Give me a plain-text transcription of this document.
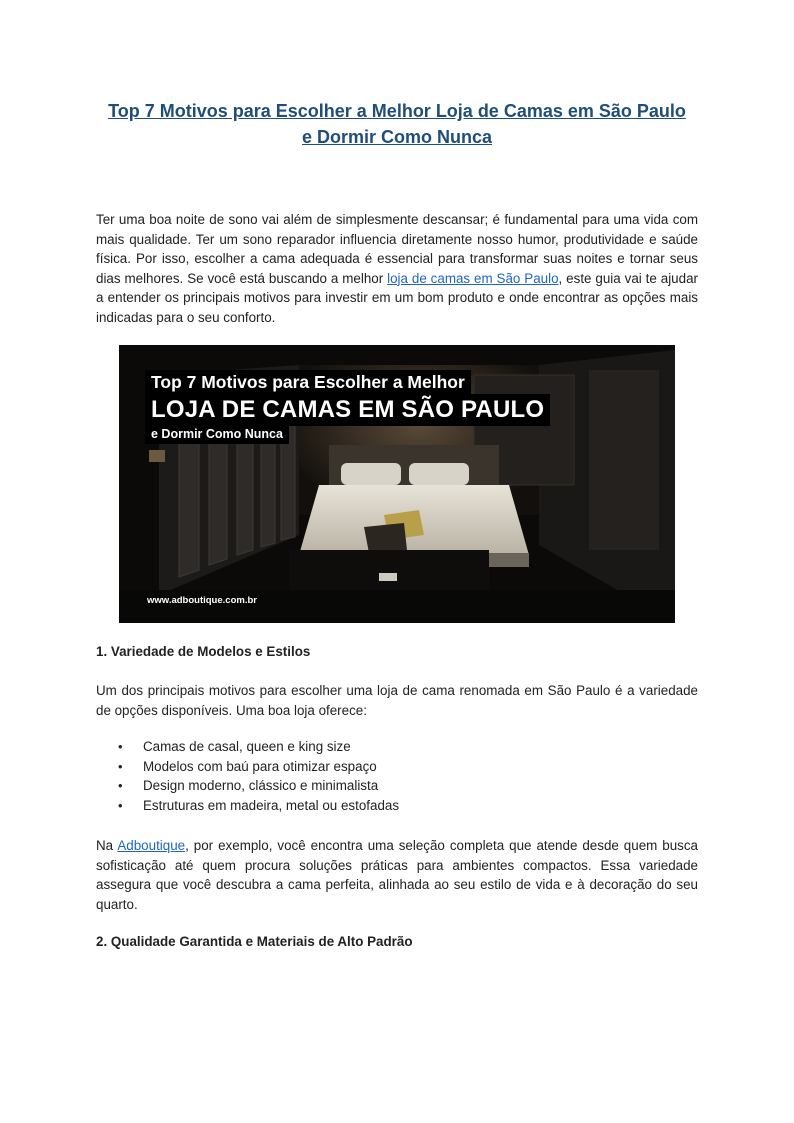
Top 7 Motivos para Escolher a Melhor Loja de Camas em São Paulo
e Dormir Como Nunca

Ter uma boa noite de sono vai além de simplesmente descansar; é fundamental para uma vida com mais qualidade. Ter um sono reparador influencia diretamente nosso humor, produtividade e saúde física. Por isso, escolher a cama adequada é essencial para transformar suas noites e tornar seus dias melhores. Se você está buscando a melhor loja de camas em São Paulo, este guia vai te ajudar a entender os principais motivos para investir em um bom produto e onde encontrar as opções mais indicadas para o seu conforto.

Top 7 Motivos para Escolher a Melhor
LOJA DE CAMAS EM SÃO PAULO
e Dormir Como Nunca
www.adboutique.com.br
1. Variedade de Modelos e Estilos

Um dos principais motivos para escolher uma loja de cama renomada em São Paulo é a variedade de opções disponíveis. Uma boa loja oferece:

• Camas de casal, queen e king size
• Modelos com baú para otimizar espaço
• Design moderno, clássico e minimalista
• Estruturas em madeira, metal ou estofadas

Na Adboutique, por exemplo, você encontra uma seleção completa que atende desde quem busca sofisticação até quem procura soluções práticas para ambientes compactos. Essa variedade assegura que você descubra a cama perfeita, alinhada ao seu estilo de vida e à decoração do seu quarto.

2. Qualidade Garantida e Materiais de Alto Padrão
